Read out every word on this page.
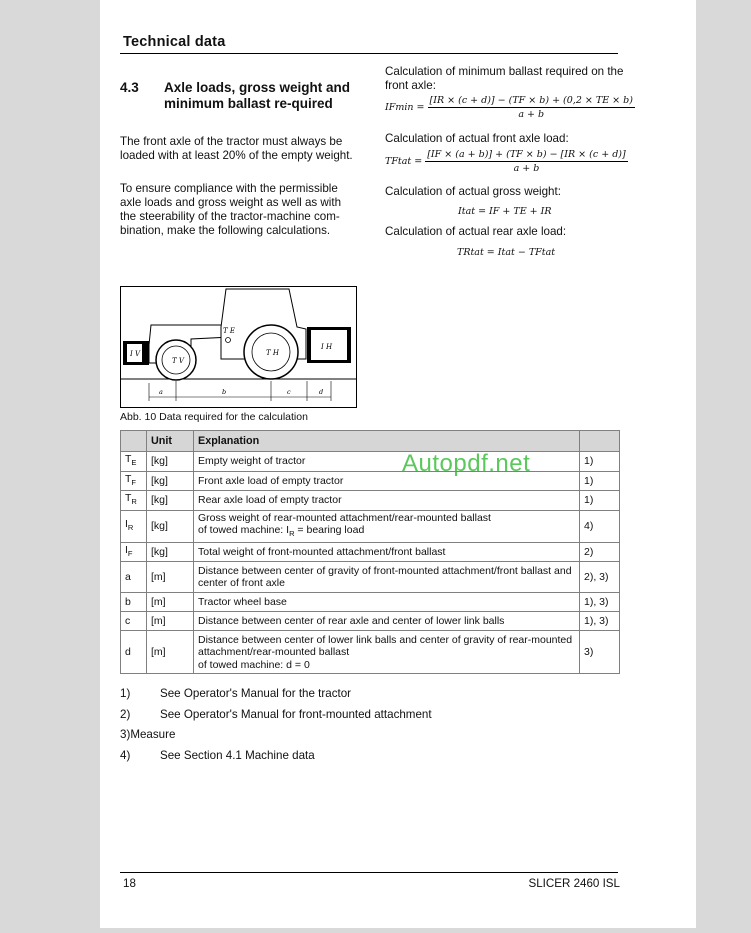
Technical data
4.3 Axle loads, gross weight and minimum ballast re-quired
The front axle of the tractor must always be loaded with at least 20% of the empty weight.
To ensure compliance with the permissible axle loads and gross weight as well as with the steerability of the tractor-machine com-bination, make the following calculations.
Calculation of minimum ballast required on the front axle:
$IFmin = \frac{[IR \times (c + d)] - (TF \times b) + (0,2 \times TE \times b)}{a + b}$
Calculation of actual front axle load:
TFtat = $\frac{[IF \times (a + b)] + (TF \times b) - [IR \times (c + d)]}{a + b}$
Calculation of actual gross weight:
Itat = IF + TE + IR
Calculation of actual rear axle load:
TRtat = Itat − TFtat
I V
T V
T E
T H
I H
a	b	c	d
Abb. 10 Data required for the calculation
	Unit	Explanation	
$T_E$	[kg]	Empty weight of tractor	1)
$T_F$	[kg]	Front axle load of empty tractor	1)
$T_R$	[kg]	Rear axle load of empty tractor	1)
$I_R$	[kg]	Gross weight of rear-mounted attachment/rear-mounted ballast
of towed machine: $I_R$ = bearing load	4)
$I_F$	[kg]	Total weight of front-mounted attachment/front ballast	2)
a	[m]	Distance between center of gravity of front-mounted attachment/front ballast and center of front axle	2), 3)
b	[m]	Tractor wheel base	1), 3)
c	[m]	Distance between center of rear axle and center of lower link balls	1), 3)
d	[m]	Distance between center of lower link balls and center of gravity of rear-mounted attachment/rear-mounted ballast
of towed machine: d = 0	3)
1)	See Operator's Manual for the tractor
2)	See Operator's Manual for front-mounted attachment
3)Measure
4)	See Section 4.1 Machine data
Autopdf.net
18	SLICER 2460 ISL
